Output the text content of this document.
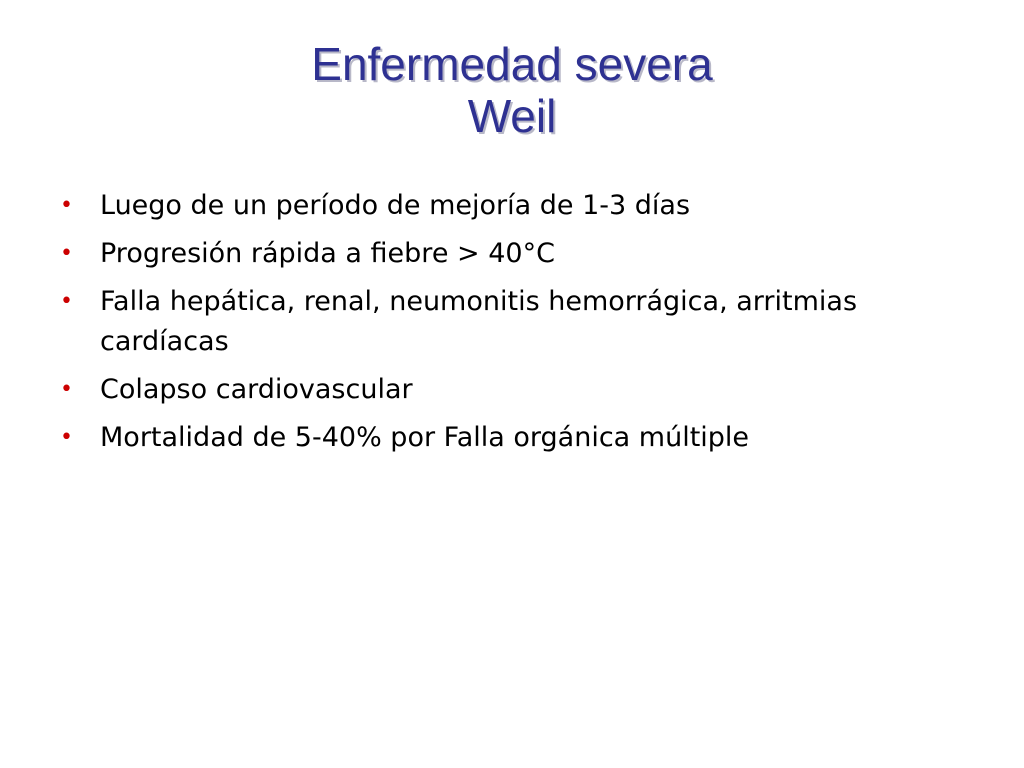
Enfermedad severa
Weil
• Luego de un período de mejoría de 1-3 días
• Progresión rápida a fiebre > 40°C
• Falla hepática, renal, neumonitis hemorrágica, arritmias cardíacas
• Colapso cardiovascular
• Mortalidad de 5-40% por Falla orgánica múltiple
